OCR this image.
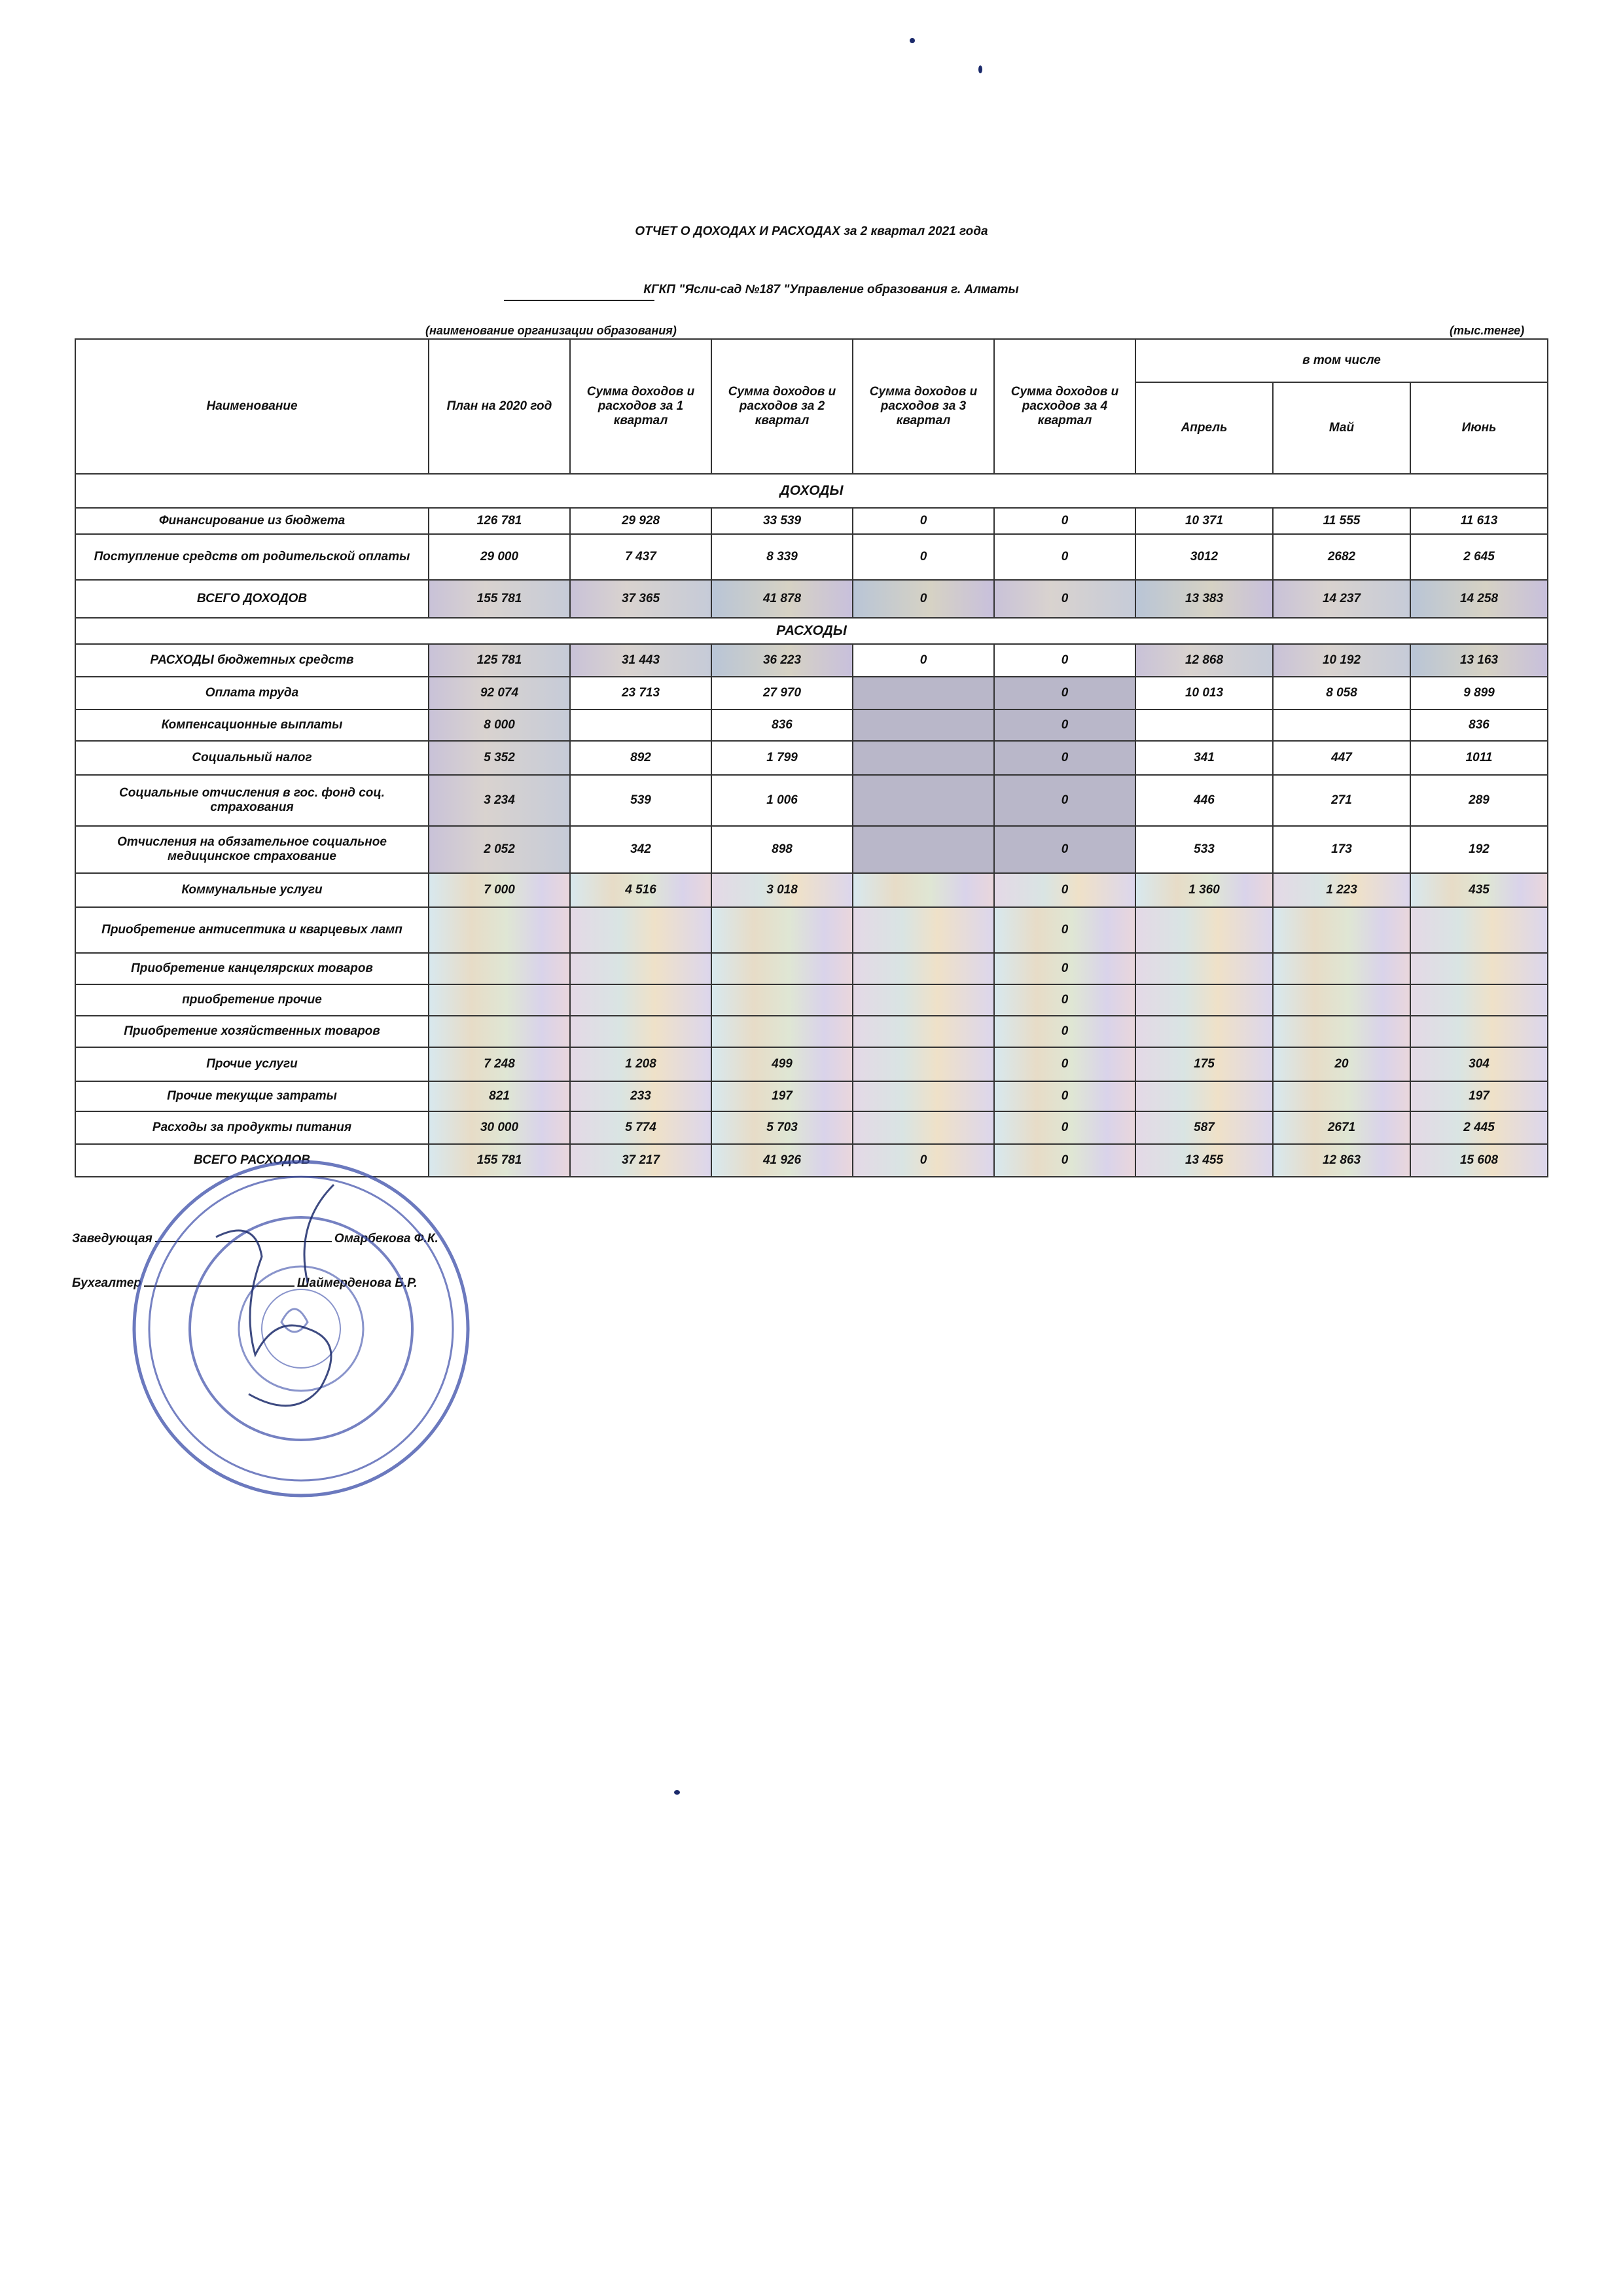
ОТЧЕТ О ДОХОДАХ И РАСХОДАХ за 2 квартал 2021 года
КГКП "Ясли-сад №187 "Управление образования г. Алматы
(наименование организации образования)	(тыс.тенге)
Наименование	План на 2020 год	Сумма доходов и расходов за 1 квартал	Сумма доходов и расходов за 2 квартал	Сумма доходов и расходов за 3 квартал	Сумма доходов и расходов за 4 квартал	в том числе		
						Апрель	Май	Июнь
ДОХОДЫ								
Финансирование из бюджета	126 781	29 928	33 539	0	0	10 371	11 555	11 613
Поступление средств от родительской оплаты	29 000	7 437	8 339	0	0	3012	2682	2 645
ВСЕГО ДОХОДОВ	155 781	37 365	41 878	0	0	13 383	14 237	14 258
РАСХОДЫ								
РАСХОДЫ бюджетных средств	125 781	31 443	36 223	0	0	12 868	10 192	13 163
Оплата труда	92 074	23 713	27 970		0	10 013	8 058	9 899
Компенсационные выплаты	8 000		836		0			836
Социальный налог	5 352	892	1 799		0	341	447	1011
Социальные отчисления в гос. фонд соц. страхования	3 234	539	1 006		0	446	271	289
Отчисления на обязательное социальное медицинское страхование	2 052	342	898		0	533	173	192
Коммунальные услуги	7 000	4 516	3 018		0	1 360	1 223	435
Приобретение антисептика и кварцевых ламп					0			
Приобретение канцелярских товаров					0			
приобретение прочие					0			
Приобретение хозяйственных товаров					0			
Прочие услуги	7 248	1 208	499		0	175	20	304
Прочие текущие затраты	821	233	197		0			197
Расходы за продукты питания	30 000	5 774	5 703		0	587	2671	2 445
ВСЕГО РАСХОДОВ	155 781	37 217	41 926	0	0	13 455	12 863	15 608
Заведующая	Омарбекова Ф.К.
Бухгалтер	Шаймерденова Б.Р.
